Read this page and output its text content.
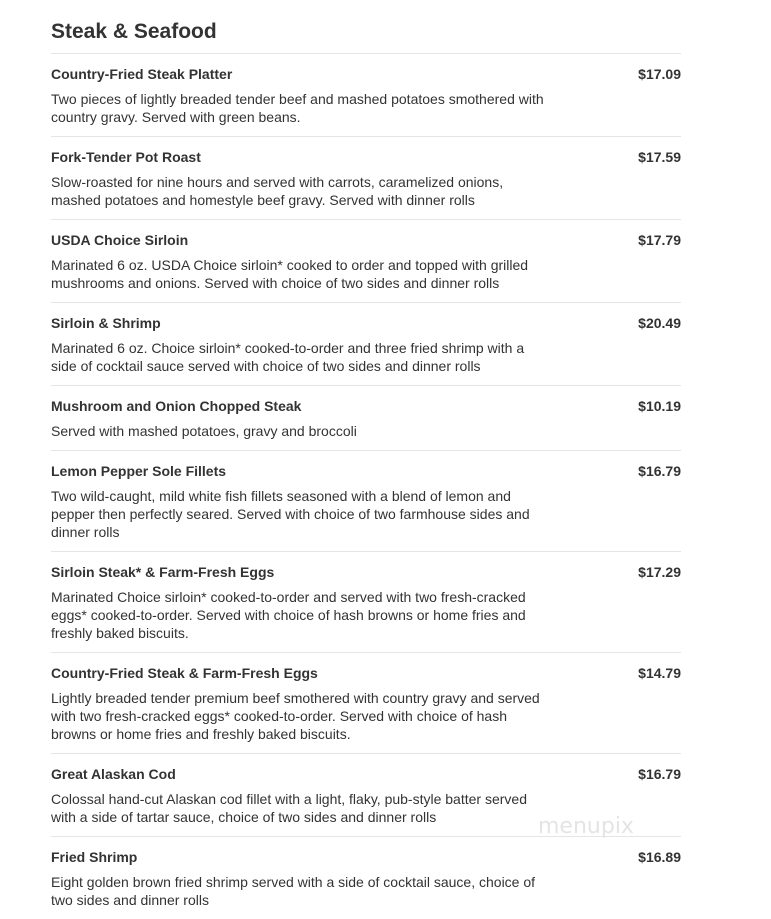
Steak & Seafood
Country-Fried Steak Platter	$17.09
Two pieces of lightly breaded tender beef and mashed potatoes smothered with country gravy. Served with green beans.
Fork-Tender Pot Roast	$17.59
Slow-roasted for nine hours and served with carrots, caramelized onions, mashed potatoes and homestyle beef gravy. Served with dinner rolls
USDA Choice Sirloin	$17.79
Marinated 6 oz. USDA Choice sirloin* cooked to order and topped with grilled mushrooms and onions. Served with choice of two sides and dinner rolls
Sirloin & Shrimp	$20.49
Marinated 6 oz. Choice sirloin* cooked-to-order and three fried shrimp with a side of cocktail sauce served with choice of two sides and dinner rolls
Mushroom and Onion Chopped Steak	$10.19
Served with mashed potatoes, gravy and broccoli
Lemon Pepper Sole Fillets	$16.79
Two wild-caught, mild white fish fillets seasoned with a blend of lemon and pepper then perfectly seared. Served with choice of two farmhouse sides and dinner rolls
Sirloin Steak* & Farm-Fresh Eggs	$17.29
Marinated Choice sirloin* cooked-to-order and served with two fresh-cracked eggs* cooked-to-order. Served with choice of hash browns or home fries and freshly baked biscuits.
Country-Fried Steak & Farm-Fresh Eggs	$14.79
Lightly breaded tender premium beef smothered with country gravy and served with two fresh-cracked eggs* cooked-to-order. Served with choice of hash browns or home fries and freshly baked biscuits.
Great Alaskan Cod	$16.79
Colossal hand-cut Alaskan cod fillet with a light, flaky, pub-style batter served with a side of tartar sauce, choice of two sides and dinner rolls
Fried Shrimp	$16.89
Eight golden brown fried shrimp served with a side of cocktail sauce, choice of two sides and dinner rolls
menupix
